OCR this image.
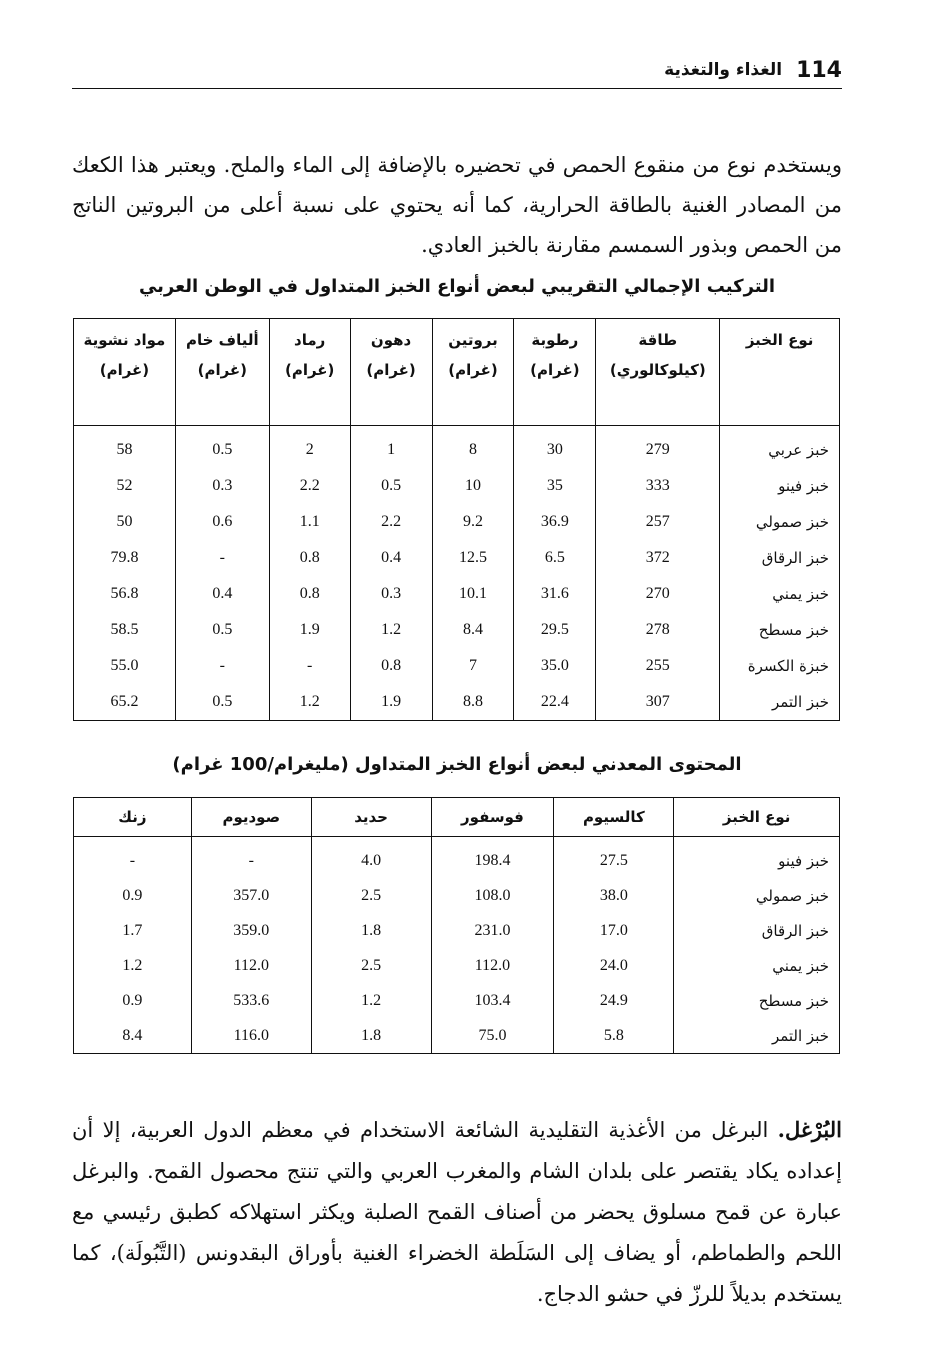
114
الغذاء والتغذية

ويستخدم نوع من منقوع الحمص في تحضيره بالإضافة إلى الماء والملح. ويعتبر هذا الكعك من المصادر الغنية بالطاقة الحرارية، كما أنه يحتوي على نسبة أعلى من البروتين الناتج من الحمص وبذور السمسم مقارنة بالخبز العادي.

التركيب الإجمالي التقريبي لبعض أنواع الخبز المتداول في الوطن العربي
نوع الخبز	طاقة (كيلوكالوري)	رطوبة (غرام)	بروتين (غرام)	دهون (غرام)	رماد (غرام)	ألياف خام (غرام)	مواد نشوية (غرام)
خبز عربي	279	30	8	1	2	0.5	58
خبز فينو	333	35	10	0.5	2.2	0.3	52
خبز صمولي	257	36.9	9.2	2.2	1.1	0.6	50
خبز الرقاق	372	6.5	12.5	0.4	0.8	-	79.8
خبز يمني	270	31.6	10.1	0.3	0.8	0.4	56.8
خبز مسطح	278	29.5	8.4	1.2	1.9	0.5	58.5
خبزة الكسرة	255	35.0	7	0.8	-	-	55.0
خبز التمر	307	22.4	8.8	1.9	1.2	0.5	65.2
المحتوى المعدني لبعض أنواع الخبز المتداول (مليغرام/100 غرام)
نوع الخبز	كالسيوم	فوسفور	حديد	صوديوم	زنك
خبز فينو	27.5	198.4	4.0	-	-
خبز صمولي	38.0	108.0	2.5	357.0	0.9
خبز الرقاق	17.0	231.0	1.8	359.0	1.7
خبز يمني	24.0	112.0	2.5	112.0	1.2
خبز مسطح	24.9	103.4	1.2	533.6	0.9
خبز التمر	5.8	75.0	1.8	116.0	8.4

البُرْغل. البرغل من الأغذية التقليدية الشائعة الاستخدام في معظم الدول العربية، إلا أن إعداده يكاد يقتصر على بلدان الشام والمغرب العربي والتي تنتج محصول القمح. والبرغل عبارة عن قمح مسلوق يحضر من أصناف القمح الصلبة ويكثر استهلاكه كطبق رئيسي مع اللحم والطماطم، أو يضاف إلى السَلَطة الخضراء الغنية بأوراق البقدونس (التَّبُولَة)، كما يستخدم بديلاً للرزّ في حشو الدجاج.
